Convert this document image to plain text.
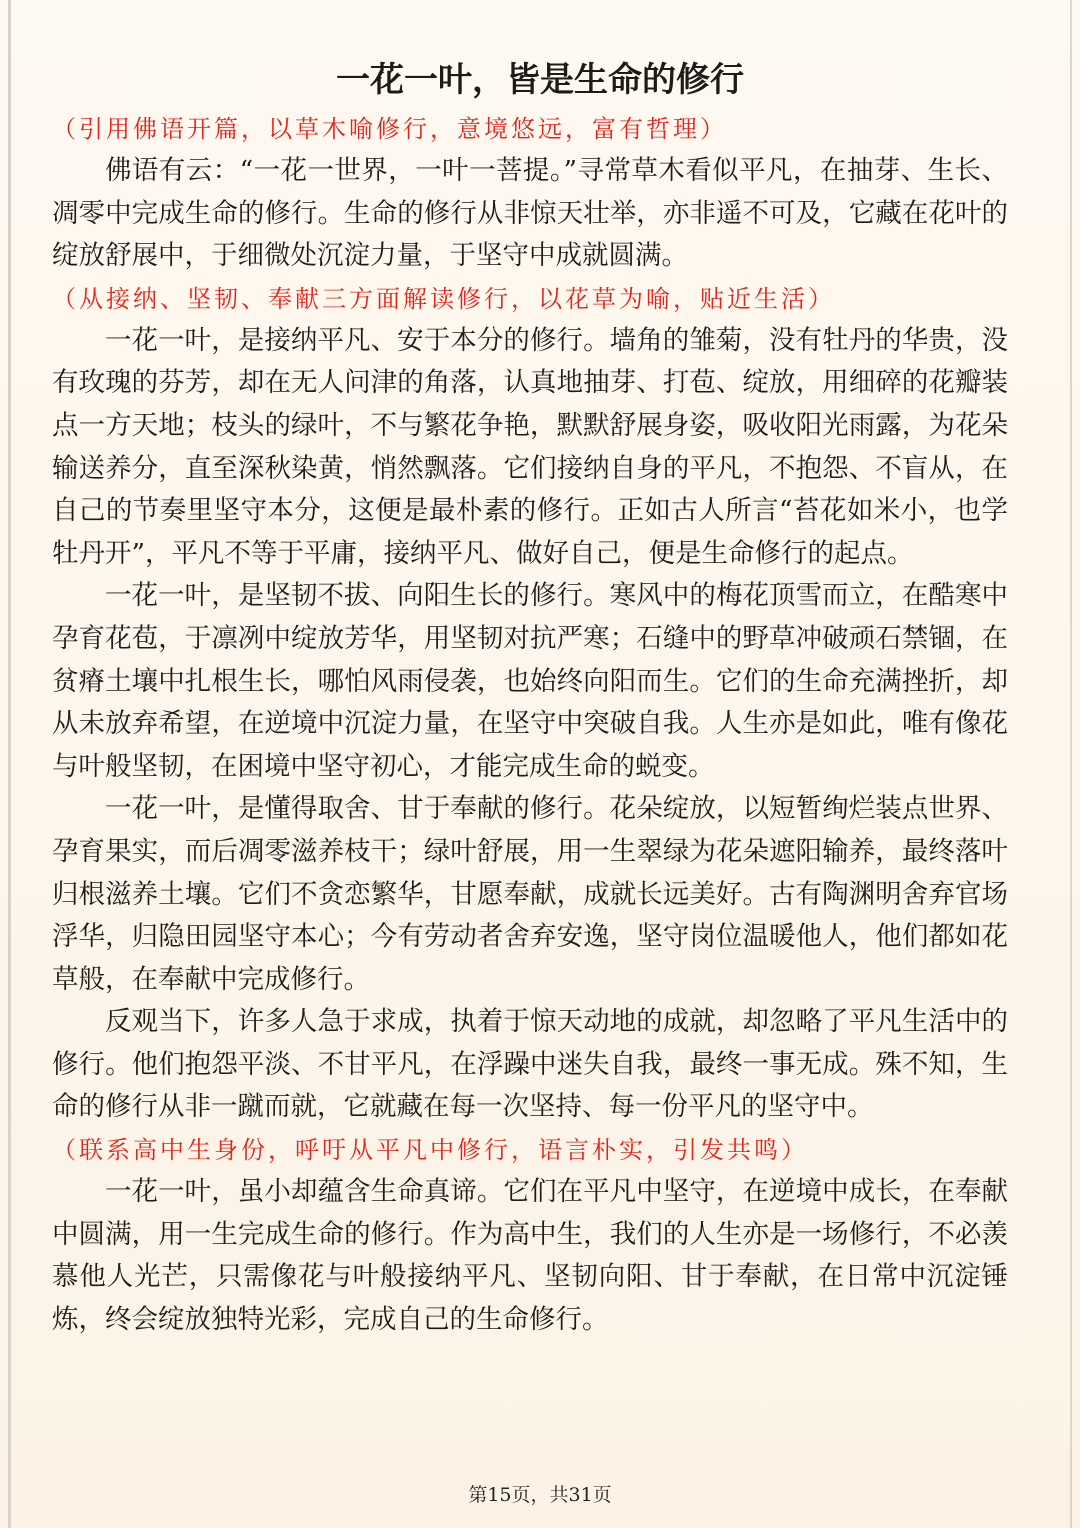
一花一叶，皆是生命的修行

（引用佛语开篇，以草木喻修行，意境悠远，富有哲理）

佛语有云：“一花一世界，一叶一菩提。”寻常草木看似平凡，在抽芽、生长、凋零中完成生命的修行。生命的修行从非惊天壮举，亦非遥不可及，它藏在花叶的绽放舒展中，于细微处沉淀力量，于坚守中成就圆满。

（从接纳、坚韧、奉献三方面解读修行，以花草为喻，贴近生活）

一花一叶，是接纳平凡、安于本分的修行。墙角的雏菊，没有牡丹的华贵，没有玫瑰的芬芳，却在无人问津的角落，认真地抽芽、打苞、绽放，用细碎的花瓣装点一方天地；枝头的绿叶，不与繁花争艳，默默舒展身姿，吸收阳光雨露，为花朵输送养分，直至深秋染黄，悄然飘落。它们接纳自身的平凡，不抱怨、不盲从，在自己的节奏里坚守本分，这便是最朴素的修行。正如古人所言“苔花如米小，也学牡丹开”，平凡不等于平庸，接纳平凡、做好自己，便是生命修行的起点。

一花一叶，是坚韧不拔、向阳生长的修行。寒风中的梅花顶雪而立，在酷寒中孕育花苞，于凛冽中绽放芳华，用坚韧对抗严寒；石缝中的野草冲破顽石禁锢，在贫瘠土壤中扎根生长，哪怕风雨侵袭，也始终向阳而生。它们的生命充满挫折，却从未放弃希望，在逆境中沉淀力量，在坚守中突破自我。人生亦是如此，唯有像花与叶般坚韧，在困境中坚守初心，才能完成生命的蜕变。

一花一叶，是懂得取舍、甘于奉献的修行。花朵绽放，以短暂绚烂装点世界、孕育果实，而后凋零滋养枝干；绿叶舒展，用一生翠绿为花朵遮阳输养，最终落叶归根滋养土壤。它们不贪恋繁华，甘愿奉献，成就长远美好。古有陶渊明舍弃官场浮华，归隐田园坚守本心；今有劳动者舍弃安逸，坚守岗位温暖他人，他们都如花草般，在奉献中完成修行。

反观当下，许多人急于求成，执着于惊天动地的成就，却忽略了平凡生活中的修行。他们抱怨平淡、不甘平凡，在浮躁中迷失自我，最终一事无成。殊不知，生命的修行从非一蹴而就，它就藏在每一次坚持、每一份平凡的坚守中。

（联系高中生身份，呼吁从平凡中修行，语言朴实，引发共鸣）

一花一叶，虽小却蕴含生命真谛。它们在平凡中坚守，在逆境中成长，在奉献中圆满，用一生完成生命的修行。作为高中生，我们的人生亦是一场修行，不必羡慕他人光芒，只需像花与叶般接纳平凡、坚韧向阳、甘于奉献，在日常中沉淀锤炼，终会绽放独特光彩，完成自己的生命修行。

第15页，共31页
